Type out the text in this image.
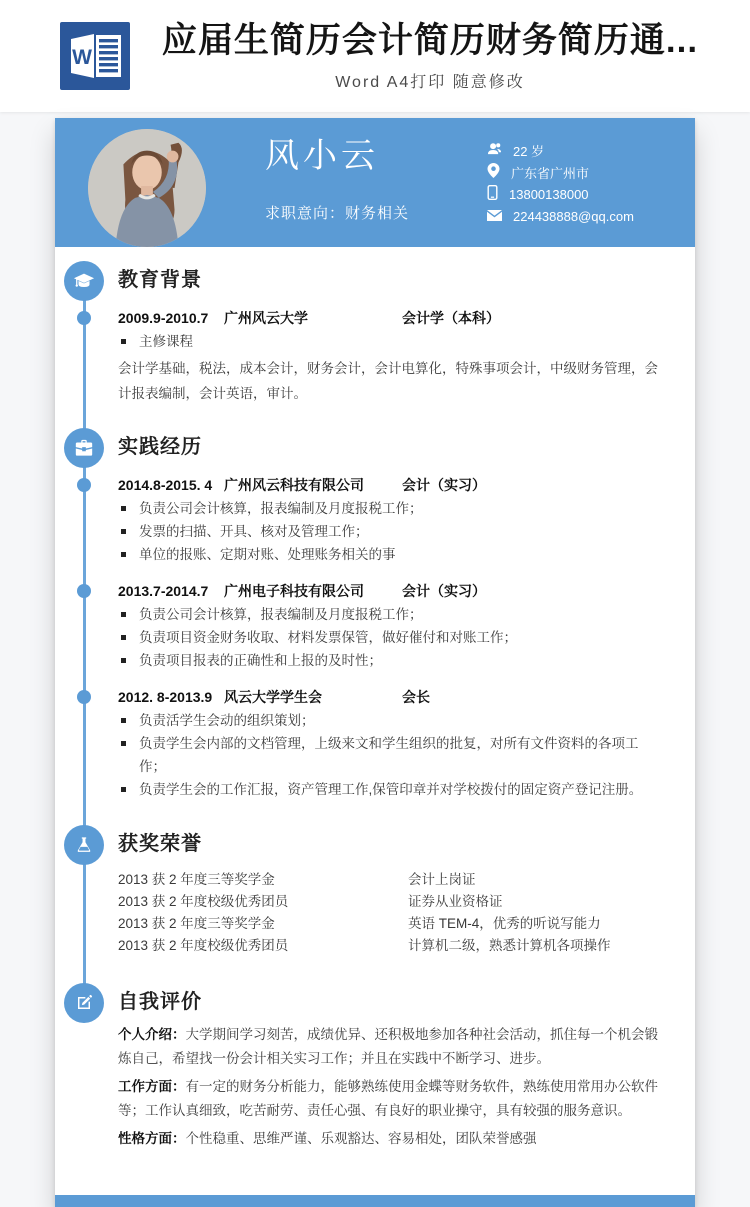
W 应届生简历会计简历财务简历通...
Word A4打印 随意修改
风小云
求职意向：财务相关
22 岁
广东省广州市
13800138000
224438888@qq.com
教育背景
2009.9-2010.7	广州风云大学	会计学（本科）
主修课程
会计学基础，税法，成本会计，财务会计，会计电算化，特殊事项会计，中级财务管理，会计报表编制，会计英语，审计。
实践经历
2014.8-2015. 4 广州风云科技有限公司	会计（实习）
负责公司会计核算，报表编制及月度报税工作；
发票的扫描、开具、核对及管理工作；
单位的报账、定期对账、处理账务相关的事
2013.7-2014.7	广州电子科技有限公司	会计（实习）
负责公司会计核算，报表编制及月度报税工作；
负责项目资金财务收取、材料发票保管，做好催付和对账工作；
负责项目报表的正确性和上报的及时性；
2012. 8-2013.9 风云大学学生会	会长
负责活学生会动的组织策划；
负责学生会内部的文档管理，上级来文和学生组织的批复，对所有文件资料的各项工作；
负责学生会的工作汇报，资产管理工作,保管印章并对学校拨付的固定资产登记注册。
获奖荣誉
2013 获 2 年度三等奖学金	会计上岗证
2013 获 2 年度校级优秀团员	证券从业资格证
2013 获 2 年度三等奖学金	英语 TEM-4，优秀的听说写能力
2013 获 2 年度校级优秀团员	计算机二级，熟悉计算机各项操作
自我评价
个人介绍：大学期间学习刻苦，成绩优异、还积极地参加各种社会活动，抓住每一个机会锻炼自己，希望找一份会计相关实习工作；并且在实践中不断学习、进步。
工作方面：有一定的财务分析能力，能够熟练使用金蝶等财务软件，熟练使用常用办公软件等；工作认真细致，吃苦耐劳、责任心强、有良好的职业操守，具有较强的服务意识。
性格方面：个性稳重、思维严谨、乐观豁达、容易相处，团队荣誉感强
